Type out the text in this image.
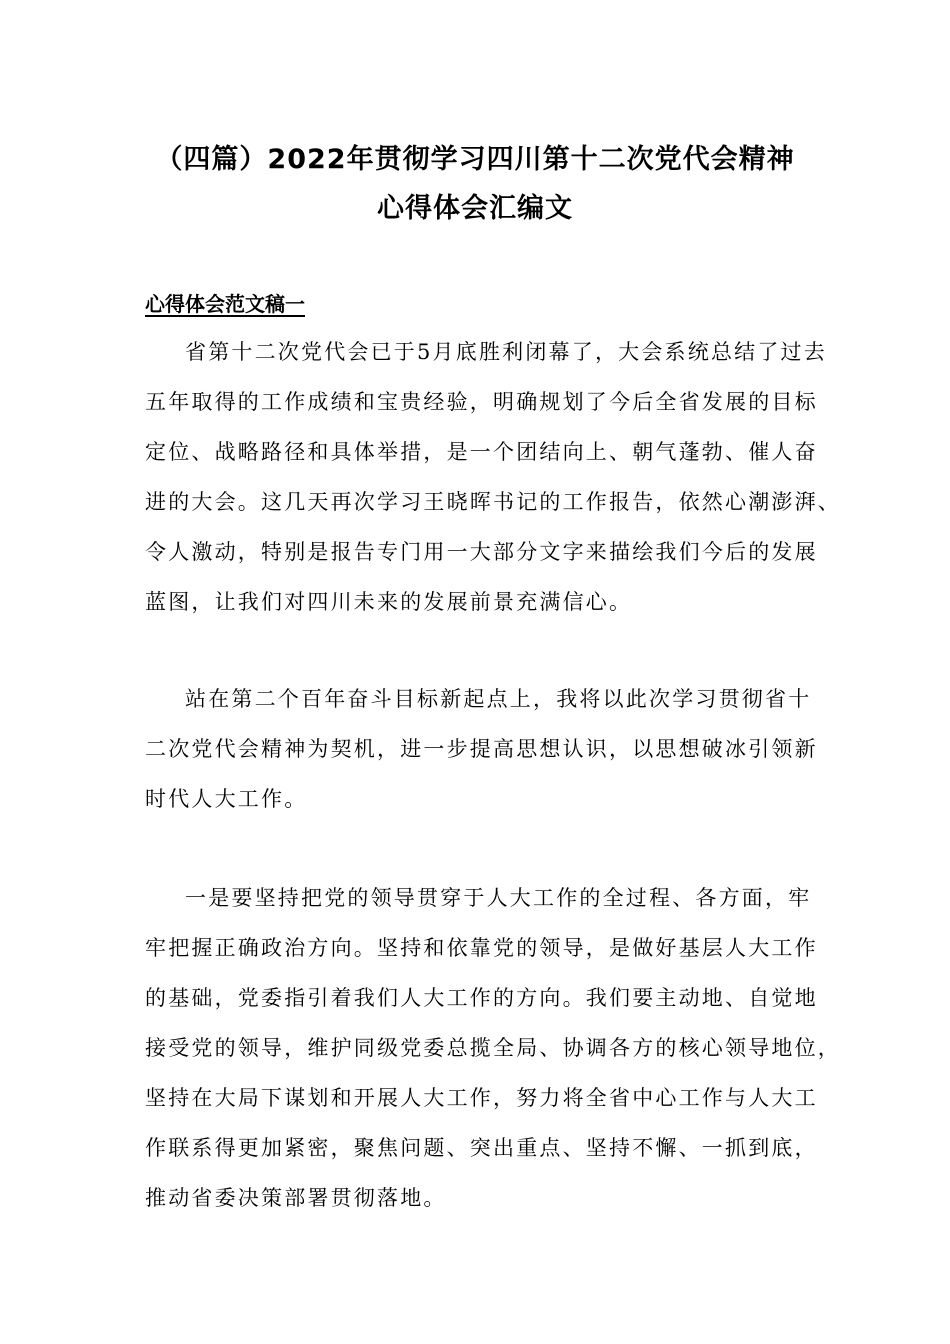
（四篇）2022年贯彻学习四川第十二次党代会精神
心得体会汇编文
心得体会范文稿一
省第十二次党代会已于5月底胜利闭幕了，大会系统总结了过去
五年取得的工作成绩和宝贵经验，明确规划了今后全省发展的目标
定位、战略路径和具体举措，是一个团结向上、朝气蓬勃、催人奋
进的大会。这几天再次学习王晓晖书记的工作报告，依然心潮澎湃、
令人激动，特别是报告专门用一大部分文字来描绘我们今后的发展
蓝图，让我们对四川未来的发展前景充满信心。
站在第二个百年奋斗目标新起点上，我将以此次学习贯彻省十
二次党代会精神为契机，进一步提高思想认识，以思想破冰引领新
时代人大工作。
一是要坚持把党的领导贯穿于人大工作的全过程、各方面，牢
牢把握正确政治方向。坚持和依靠党的领导，是做好基层人大工作
的基础，党委指引着我们人大工作的方向。我们要主动地、自觉地
接受党的领导，维护同级党委总揽全局、协调各方的核心领导地位，
坚持在大局下谋划和开展人大工作，努力将全省中心工作与人大工
作联系得更加紧密，聚焦问题、突出重点、坚持不懈、一抓到底，
推动省委决策部署贯彻落地。
